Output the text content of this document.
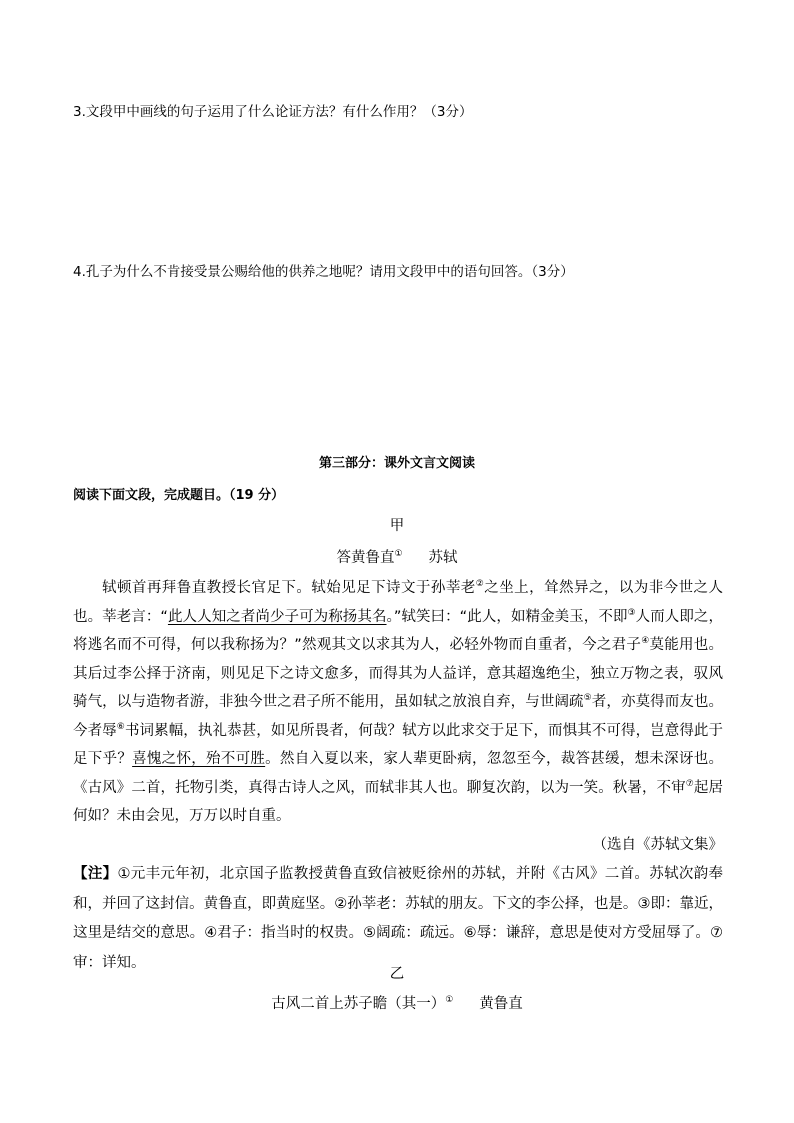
3.文段甲中画线的句子运用了什么论证方法？有什么作用？（3分）
4.孔子为什么不肯接受景公赐给他的供养之地呢？请用文段甲中的语句回答。（3分）
第三部分：课外文言文阅读
阅读下面文段，完成题目。（19 分）
甲
答黄鲁直① 苏轼

轼顿首再拜鲁直教授长官足下。轼始见足下诗文于孙莘老②之坐上，耸然异之，以为非今世之人也。莘老言：“此人人知之者尚少子可为称扬其名。”轼笑曰：“此人，如精金美玉，不即③人而人即之，将逃名而不可得，何以我称扬为？”然观其文以求其为人，必轻外物而自重者，今之君子④莫能用也。其后过李公择于济南，则见足下之诗文愈多，而得其为人益详，意其超逸绝尘，独立万物之表，驭风骑气，以与造物者游，非独今世之君子所不能用，虽如轼之放浪自弃，与世阔疏⑤者，亦莫得而友也。今者辱⑥书词累幅，执礼恭甚，如见所畏者，何哉？轼方以此求交于足下，而惧其不可得，岂意得此于足下乎？喜愧之怀，殆不可胜。然自入夏以来，家人辈更卧病，忽忽至今，裁答甚缓，想未深讶也。《古风》二首，托物引类，真得古诗人之风，而轼非其人也。聊复次韵，以为一笑。秋暑，不审⑦起居何如？未由会见，万万以时自重。

（选自《苏轼文集》
【注】①元丰元年初，北京国子监教授黄鲁直致信被贬徐州的苏轼，并附《古风》二首。苏轼次韵奉和，并回了这封信。黄鲁直，即黄庭坚。②孙莘老：苏轼的朋友。下文的李公择，也是。③即：靠近，这里是结交的意思。④君子：指当时的权贵。⑤阔疏：疏远。⑥辱：谦辞，意思是使对方受屈辱了。⑦审：详知。
乙
古风二首上苏子瞻（其一）① 黄鲁直
